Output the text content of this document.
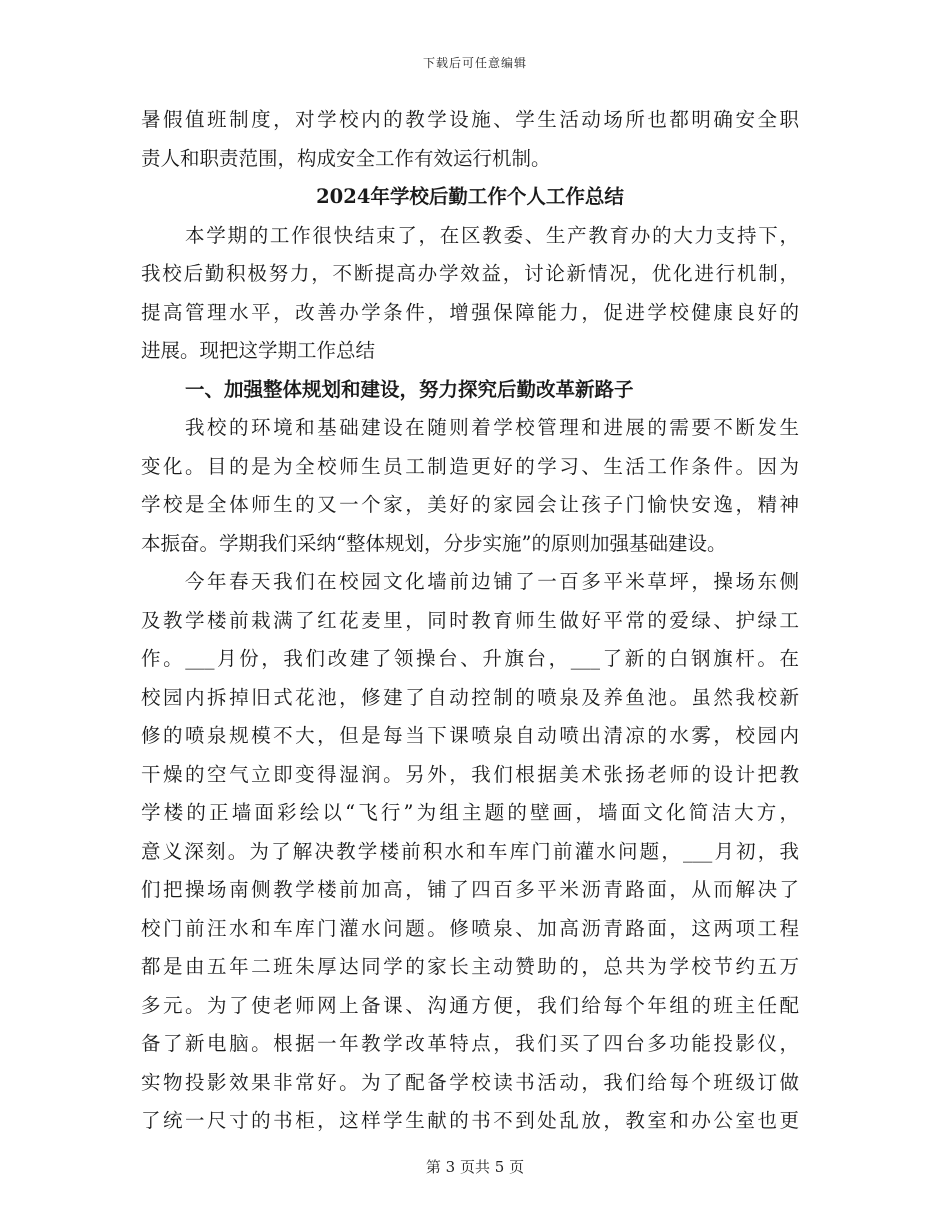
下载后可任意编辑
暑假值班制度，对学校内的教学设施、学生活动场所也都明确安全职
责人和职责范围，构成安全工作有效运行机制。
2024年学校后勤工作个人工作总结
本学期的工作很快结束了，在区教委、生产教育办的大力支持下，
我校后勤积极努力，不断提高办学效益，讨论新情况，优化进行机制，
提高管理水平，改善办学条件，增强保障能力，促进学校健康良好的
进展。现把这学期工作总结
一、加强整体规划和建设，努力探究后勤改革新路子
我校的环境和基础建设在随则着学校管理和进展的需要不断发生
变化。目的是为全校师生员工制造更好的学习、生活工作条件。因为
学校是全体师生的又一个家，美好的家园会让孩子门愉快安逸，精神
本振奋。学期我们采纳“整体规划，分步实施”的原则加强基础建设。
今年春天我们在校园文化墙前边铺了一百多平米草坪，操场东侧
及教学楼前栽满了红花麦里，同时教育师生做好平常的爱绿、护绿工
作。___月份，我们改建了领操台、升旗台，___了新的白钢旗杆。在
校园内拆掉旧式花池，修建了自动控制的喷泉及养鱼池。虽然我校新
修的喷泉规模不大，但是每当下课喷泉自动喷出清凉的水雾，校园内
干燥的空气立即变得湿润。另外，我们根据美术张扬老师的设计把教
学楼的正墙面彩绘以“飞行”为组主题的壁画，墙面文化简洁大方，
意义深刻。为了解决教学楼前积水和车库门前灌水问题，___月初，我
们把操场南侧教学楼前加高，铺了四百多平米沥青路面，从而解决了
校门前汪水和车库门灌水问题。修喷泉、加高沥青路面，这两项工程
都是由五年二班朱厚达同学的家长主动赞助的，总共为学校节约五万
多元。为了使老师网上备课、沟通方便，我们给每个年组的班主任配
备了新电脑。根据一年教学改革特点，我们买了四台多功能投影仪，
实物投影效果非常好。为了配备学校读书活动，我们给每个班级订做
了统一尺寸的书柜，这样学生献的书不到处乱放，教室和办公室也更
第 3 页共 5 页
